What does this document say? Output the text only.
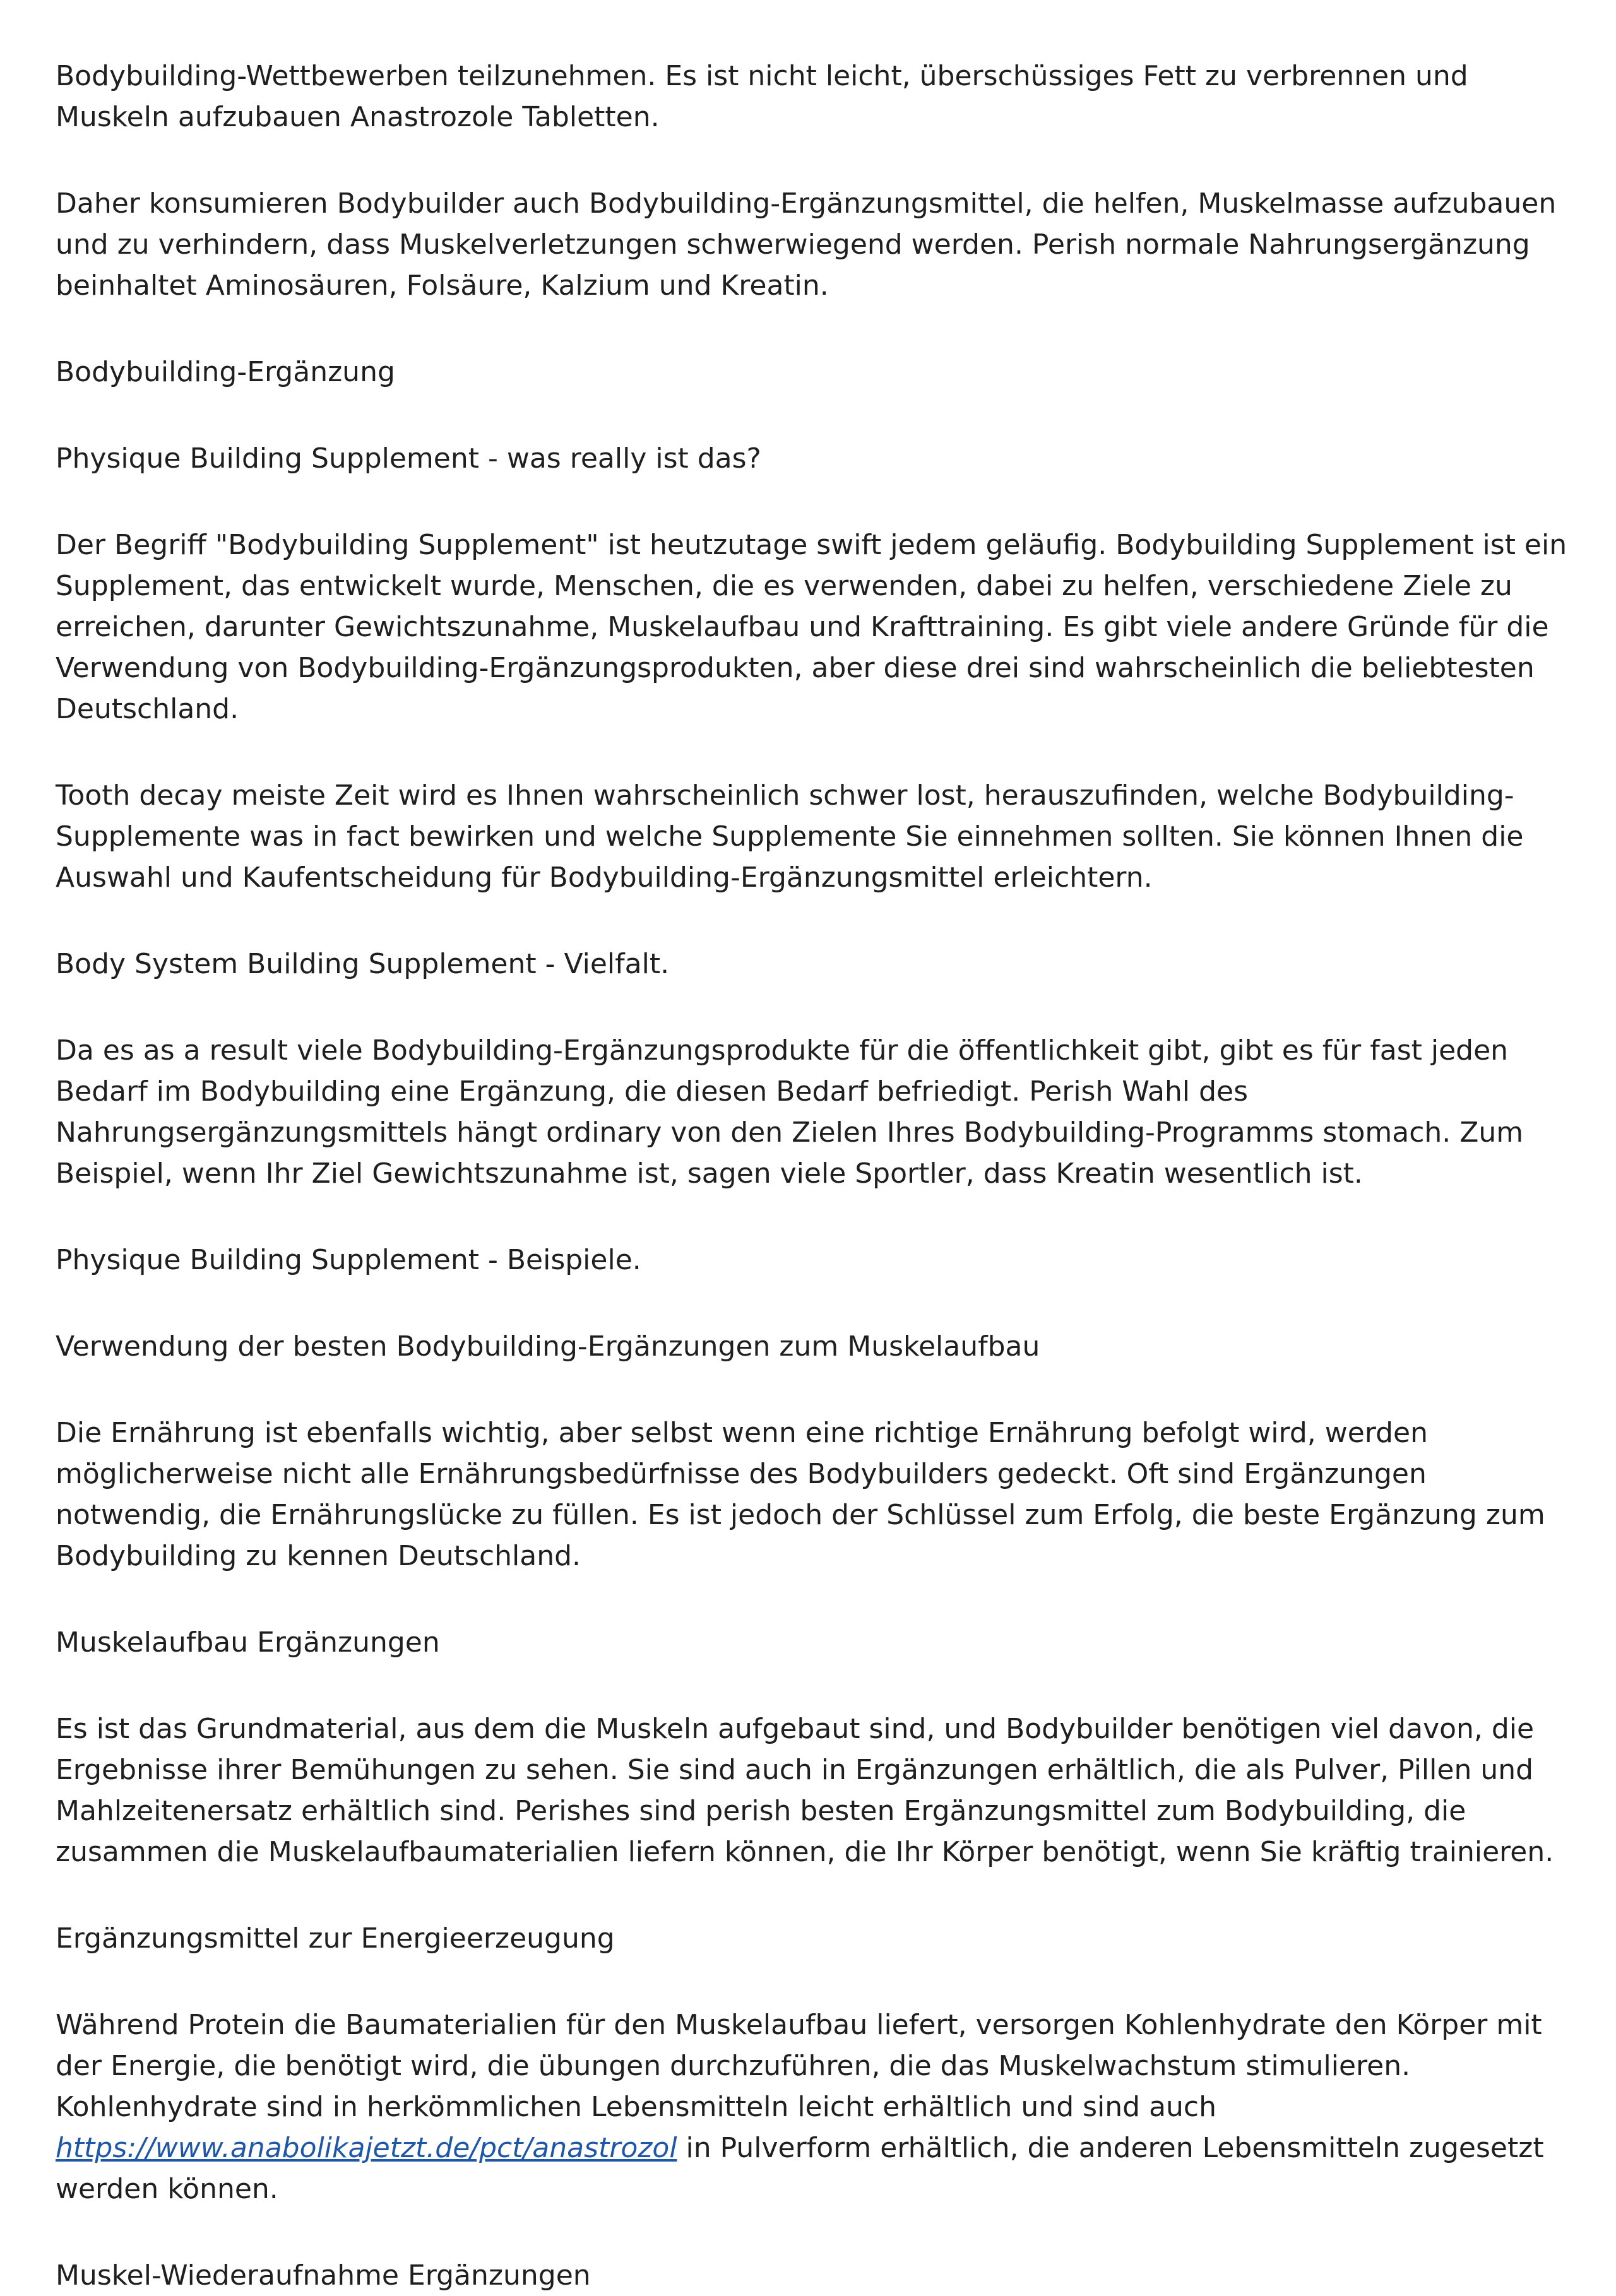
Bodybuilding-Wettbewerben teilzunehmen. Es ist nicht leicht, überschüssiges Fett zu verbrennen und Muskeln aufzubauen Anastrozole Tabletten.

Daher konsumieren Bodybuilder auch Bodybuilding-Ergänzungsmittel, die helfen, Muskelmasse aufzubauen und zu verhindern, dass Muskelverletzungen schwerwiegend werden. Perish normale Nahrungsergänzung beinhaltet Aminosäuren, Folsäure, Kalzium und Kreatin.

Bodybuilding-Ergänzung

Physique Building Supplement - was really ist das?

Der Begriff "Bodybuilding Supplement" ist heutzutage swift jedem geläufig. Bodybuilding Supplement ist ein Supplement, das entwickelt wurde, Menschen, die es verwenden, dabei zu helfen, verschiedene Ziele zu erreichen, darunter Gewichtszunahme, Muskelaufbau und Krafttraining. Es gibt viele andere Gründe für die Verwendung von Bodybuilding-Ergänzungsprodukten, aber diese drei sind wahrscheinlich die beliebtesten Deutschland.

Tooth decay meiste Zeit wird es Ihnen wahrscheinlich schwer lost, herauszufinden, welche Bodybuilding-Supplemente was in fact bewirken und welche Supplemente Sie einnehmen sollten. Sie können Ihnen die Auswahl und Kaufentscheidung für Bodybuilding-Ergänzungsmittel erleichtern.

Body System Building Supplement - Vielfalt.

Da es as a result viele Bodybuilding-Ergänzungsprodukte für die öffentlichkeit gibt, gibt es für fast jeden Bedarf im Bodybuilding eine Ergänzung, die diesen Bedarf befriedigt. Perish Wahl des Nahrungsergänzungsmittels hängt ordinary von den Zielen Ihres Bodybuilding-Programms stomach. Zum Beispiel, wenn Ihr Ziel Gewichtszunahme ist, sagen viele Sportler, dass Kreatin wesentlich ist.

Physique Building Supplement - Beispiele.

Verwendung der besten Bodybuilding-Ergänzungen zum Muskelaufbau

Die Ernährung ist ebenfalls wichtig, aber selbst wenn eine richtige Ernährung befolgt wird, werden möglicherweise nicht alle Ernährungsbedürfnisse des Bodybuilders gedeckt. Oft sind Ergänzungen notwendig, die Ernährungslücke zu füllen. Es ist jedoch der Schlüssel zum Erfolg, die beste Ergänzung zum Bodybuilding zu kennen Deutschland.

Muskelaufbau Ergänzungen

Es ist das Grundmaterial, aus dem die Muskeln aufgebaut sind, und Bodybuilder benötigen viel davon, die Ergebnisse ihrer Bemühungen zu sehen. Sie sind auch in Ergänzungen erhältlich, die als Pulver, Pillen und Mahlzeitenersatz erhältlich sind. Perishes sind perish besten Ergänzungsmittel zum Bodybuilding, die zusammen die Muskelaufbaumaterialien liefern können, die Ihr Körper benötigt, wenn Sie kräftig trainieren.

Ergänzungsmittel zur Energieerzeugung

Während Protein die Baumaterialien für den Muskelaufbau liefert, versorgen Kohlenhydrate den Körper mit der Energie, die benötigt wird, die übungen durchzuführen, die das Muskelwachstum stimulieren. Kohlenhydrate sind in herkömmlichen Lebensmitteln leicht erhältlich und sind auch https://www.anabolikajetzt.de/pct/anastrozol in Pulverform erhältlich, die anderen Lebensmitteln zugesetzt werden können.

Muskel-Wiederaufnahme Ergänzungen
